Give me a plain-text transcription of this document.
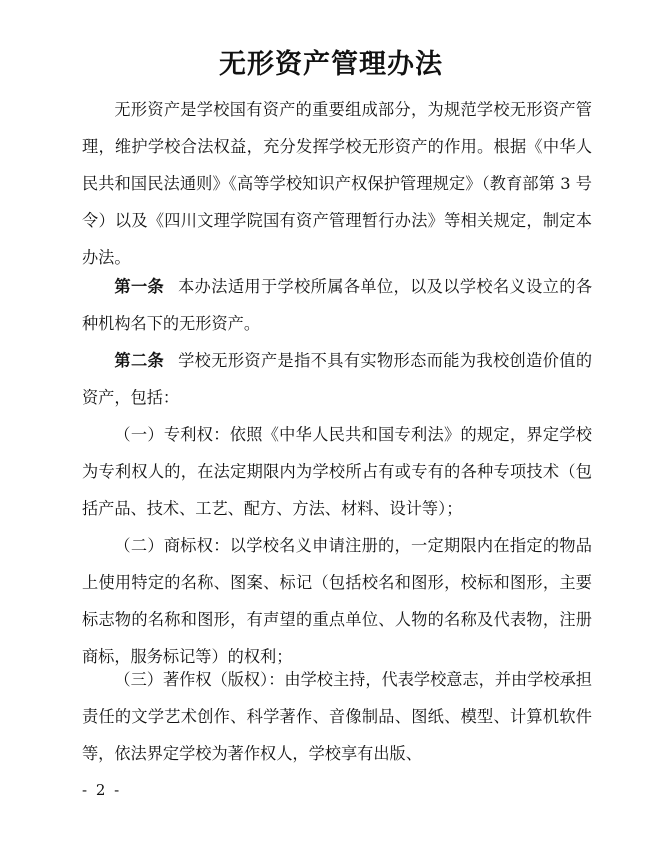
无形资产管理办法

无形资产是学校国有资产的重要组成部分，为规范学校无形资产管理，维护学校合法权益，充分发挥学校无形资产的作用。根据《中华人民共和国民法通则》《高等学校知识产权保护管理规定》（教育部第 3 号令）以及《四川文理学院国有资产管理暂行办法》等相关规定，制定本办法。

第一条 本办法适用于学校所属各单位，以及以学校名义设立的各种机构名下的无形资产。

第二条 学校无形资产是指不具有实物形态而能为我校创造价值的资产，包括：

（一）专利权：依照《中华人民共和国专利法》的规定，界定学校为专利权人的，在法定期限内为学校所占有或专有的各种专项技术（包括产品、技术、工艺、配方、方法、材料、设计等）；

（二）商标权：以学校名义申请注册的，一定期限内在指定的物品上使用特定的名称、图案、标记（包括校名和图形，校标和图形，主要标志物的名称和图形，有声望的重点单位、人物的名称及代表物，注册商标，服务标记等）的权利；

（三）著作权（版权）：由学校主持，代表学校意志，并由学校承担责任的文学艺术创作、科学著作、音像制品、图纸、模型、计算机软件等，依法界定学校为著作权人，学校享有出版、

- 2 -
